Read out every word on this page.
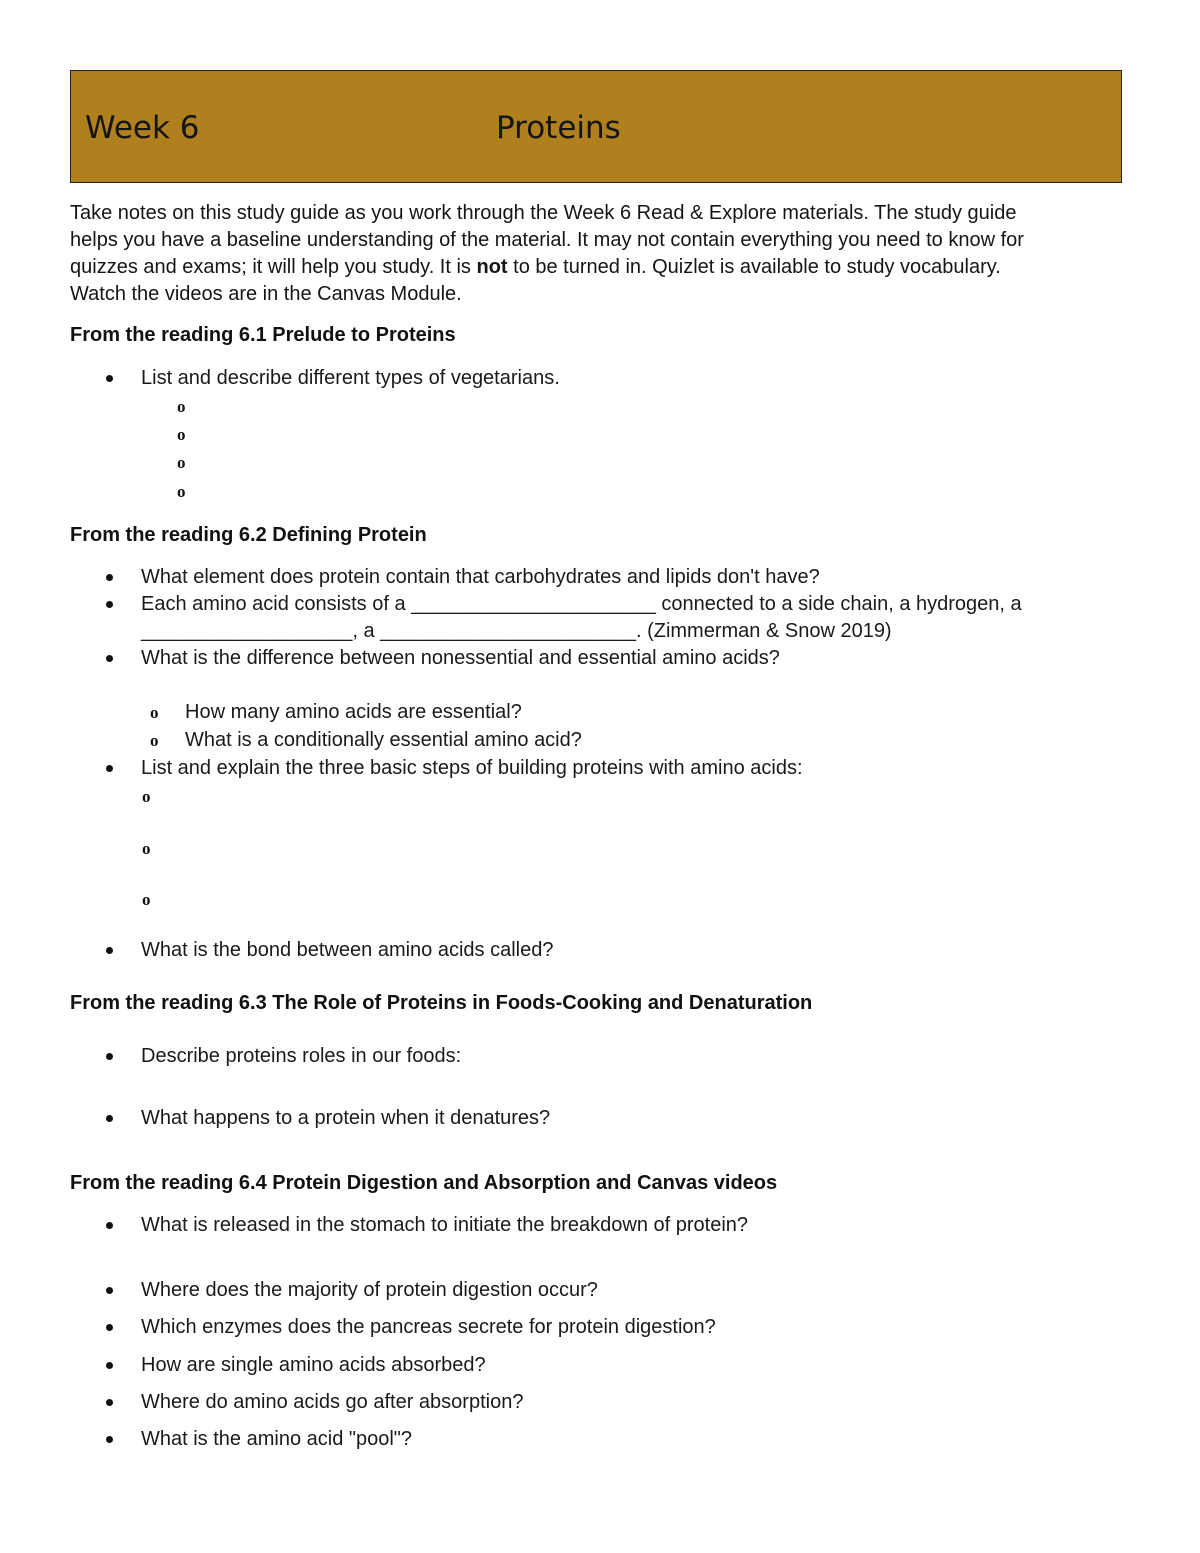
Week 6	Proteins
Take notes on this study guide as you work through the Week 6 Read & Explore materials. The study guide
helps you have a baseline understanding of the material. It may not contain everything you need to know for
quizzes and exams; it will help you study. It is not to be turned in. Quizlet is available to study vocabulary.
Watch the videos are in the Canvas Module.
From the reading 6.1 Prelude to Proteins
List and describe different types of vegetarians.
o
o
o
o
From the reading 6.2 Defining Protein
What element does protein contain that carbohydrates and lipids don't have?
Each amino acid consists of a ______________________ connected to a side chain, a hydrogen, a
___________________, a _______________________. (Zimmerman & Snow 2019)
What is the difference between nonessential and essential amino acids?
o How many amino acids are essential?
o What is a conditionally essential amino acid?
List and explain the three basic steps of building proteins with amino acids:
o
o
o
What is the bond between amino acids called?
From the reading 6.3 The Role of Proteins in Foods-Cooking and Denaturation
Describe proteins roles in our foods:
What happens to a protein when it denatures?
From the reading 6.4 Protein Digestion and Absorption and Canvas videos
What is released in the stomach to initiate the breakdown of protein?
Where does the majority of protein digestion occur?
Which enzymes does the pancreas secrete for protein digestion?
How are single amino acids absorbed?
Where do amino acids go after absorption?
What is the amino acid "pool"?
